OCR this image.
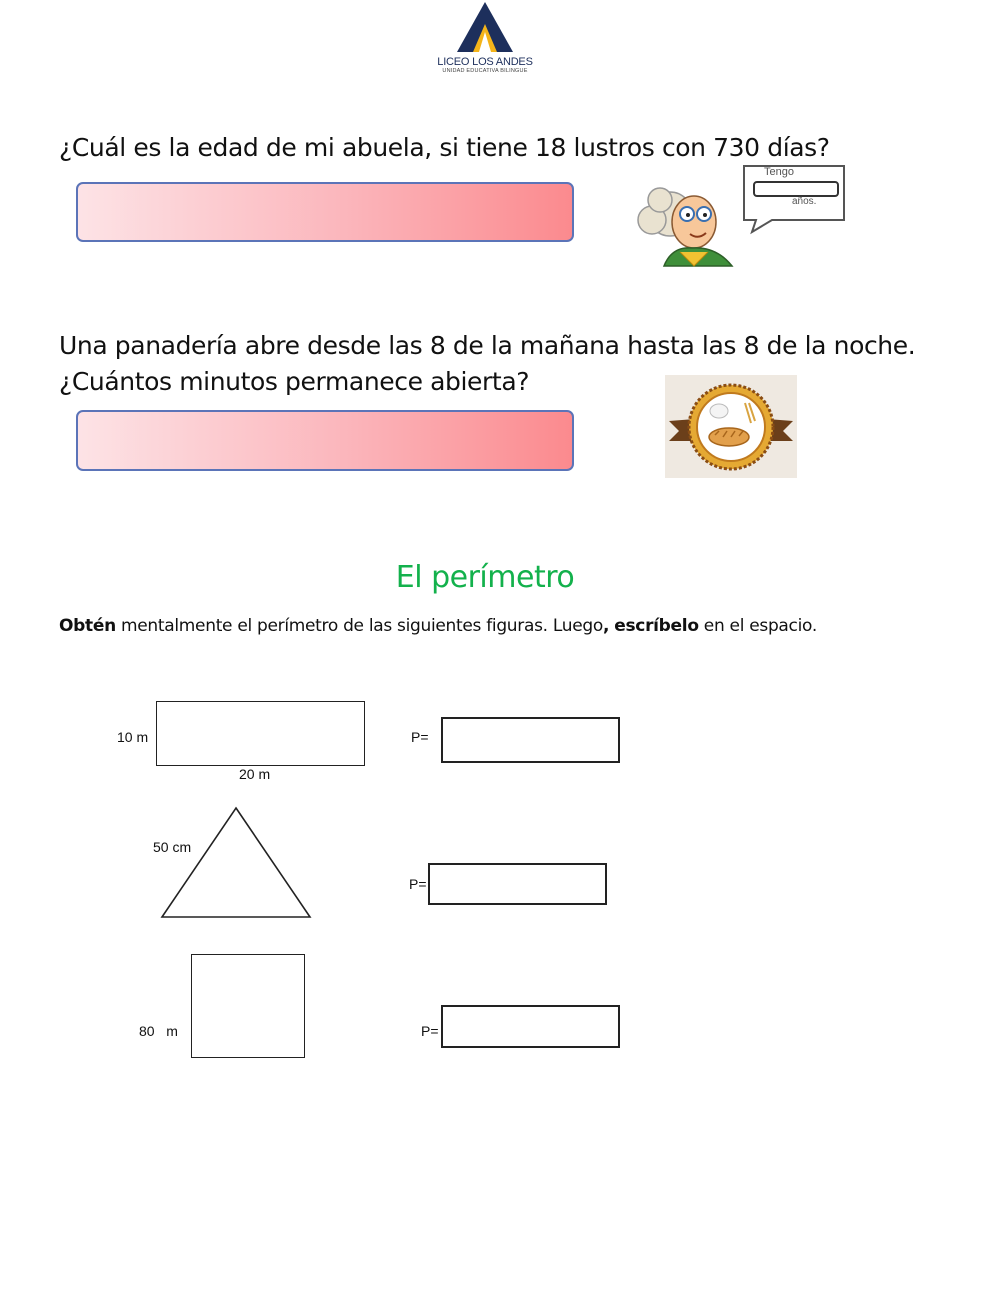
LICEO LOS ANDES
UNIDAD EDUCATIVA BILINGUE
¿Cuál es la edad de mi abuela, si tiene 18 lustros con 730 días?
Tengo
años.
Una panadería abre desde las 8 de la mañana hasta las 8 de la noche.
¿Cuántos minutos permanece abierta?
El perímetro
Obtén mentalmente el perímetro de las siguientes figuras. Luego, escríbelo en el espacio.
10 m
20 m
P=
50 cm
P=
80   m	P=
